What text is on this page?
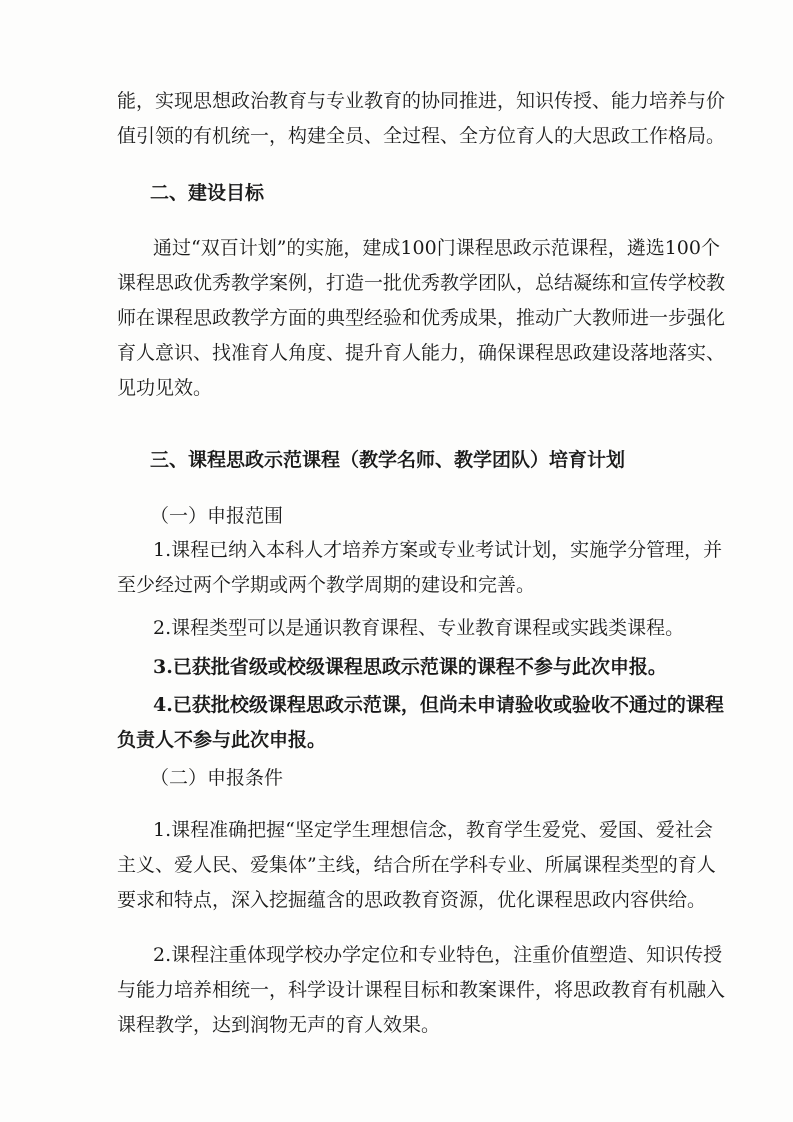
能，实现思想政治教育与专业教育的协同推进，知识传授、能力培养与价
值引领的有机统一，构建全员、全过程、全方位育人的大思政工作格局。

二、建设目标

通过“双百计划”的实施，建成100门课程思政示范课程，遴选100个
课程思政优秀教学案例，打造一批优秀教学团队，总结凝练和宣传学校教
师在课程思政教学方面的典型经验和优秀成果，推动广大教师进一步强化
育人意识、找准育人角度、提升育人能力，确保课程思政建设落地落实、
见功见效。

三、课程思政示范课程（教学名师、教学团队）培育计划

（一）申报范围

1.课程已纳入本科人才培养方案或专业考试计划，实施学分管理，并
至少经过两个学期或两个教学周期的建设和完善。

2.课程类型可以是通识教育课程、专业教育课程或实践类课程。

3.已获批省级或校级课程思政示范课的课程不参与此次申报。

4.已获批校级课程思政示范课，但尚未申请验收或验收不通过的课程
负责人不参与此次申报。

（二）申报条件

1.课程准确把握“坚定学生理想信念，教育学生爱党、爱国、爱社会
主义、爱人民、爱集体”主线，结合所在学科专业、所属课程类型的育人
要求和特点，深入挖掘蕴含的思政教育资源，优化课程思政内容供给。

2.课程注重体现学校办学定位和专业特色，注重价值塑造、知识传授
与能力培养相统一，科学设计课程目标和教案课件，将思政教育有机融入
课程教学，达到润物无声的育人效果。
